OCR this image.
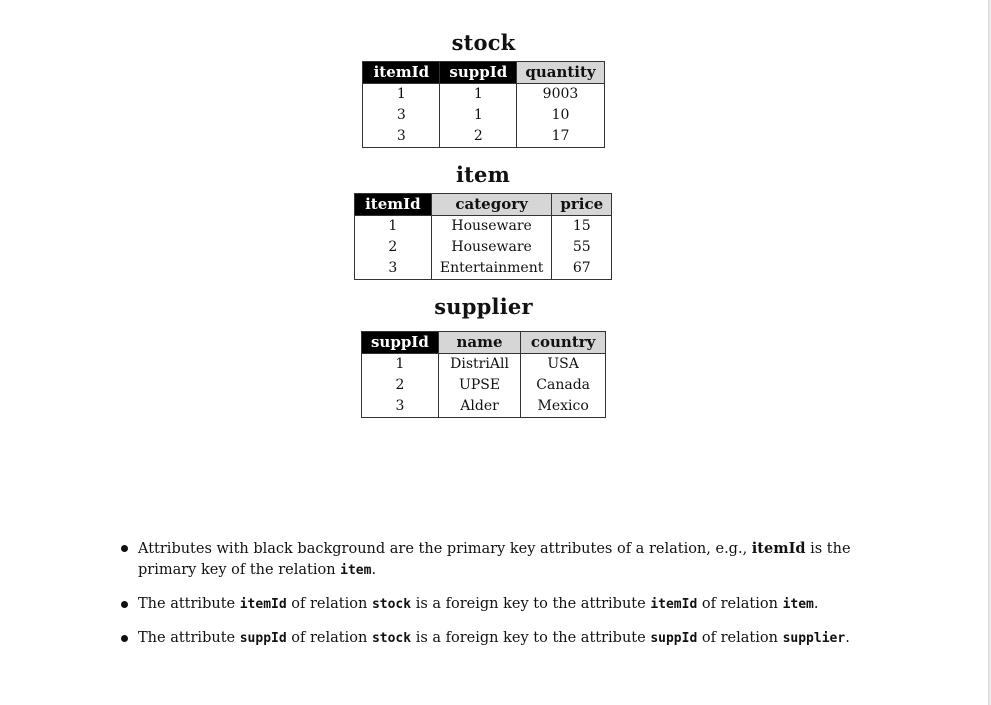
stock
itemId	suppId	quantity
1	1	9003
3	1	10
3	2	17
item
itemId	category	price
1	Houseware	15
2	Houseware	55
3	Entertainment	67
supplier
suppId	name	country
1	DistriAll	USA
2	UPSE	Canada
3	Alder	Mexico
Attributes with black background are the primary key attributes of a relation, e.g., itemId is the primary key of the relation item.
The attribute itemId of relation stock is a foreign key to the attribute itemId of relation item.
The attribute suppId of relation stock is a foreign key to the attribute suppId of relation supplier.
